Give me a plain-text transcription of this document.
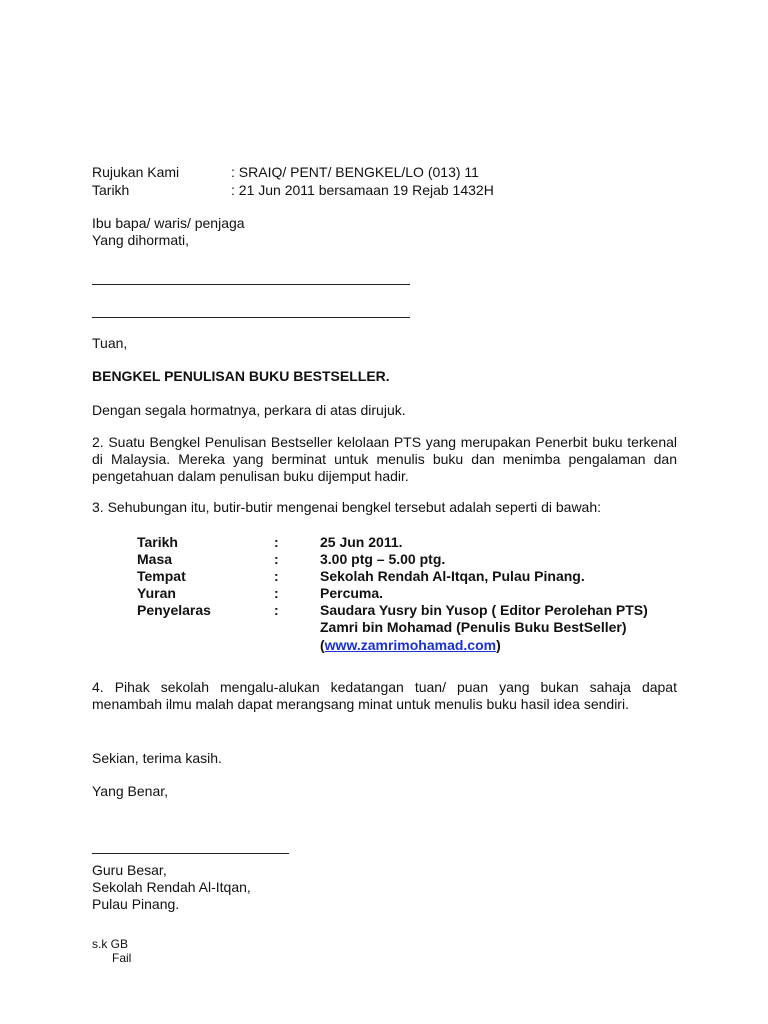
Rujukan Kami	: SRAIQ/ PENT/ BENGKEL/LO (013) 11
Tarikh	: 21 Jun 2011 bersamaan 19 Rejab 1432H
Ibu bapa/ waris/ penjaga
Yang dihormati,
Tuan,
BENGKEL PENULISAN BUKU BESTSELLER.
Dengan segala hormatnya, perkara di atas dirujuk.
2. Suatu Bengkel Penulisan Bestseller kelolaan PTS yang merupakan Penerbit buku terkenal di Malaysia. Mereka yang berminat untuk menulis buku dan menimba pengalaman dan pengetahuan dalam penulisan buku dijemput hadir.
3. Sehubungan itu, butir-butir mengenai bengkel tersebut adalah seperti di bawah:
Tarikh	:	25 Jun 2011.
Masa	:	3.00 ptg – 5.00 ptg.
Tempat	:	Sekolah Rendah Al-Itqan, Pulau Pinang.
Yuran	:	Percuma.
Penyelaras	:	Saudara Yusry bin Yusop ( Editor Perolehan PTS)
Zamri bin Mohamad (Penulis Buku BestSeller)
(www.zamrimohamad.com)
4. Pihak sekolah mengalu-alukan kedatangan tuan/ puan yang bukan sahaja dapat menambah ilmu malah dapat merangsang minat untuk menulis buku hasil idea sendiri.
Sekian, terima kasih.
Yang Benar,
Guru Besar,
Sekolah Rendah Al-Itqan,
Pulau Pinang.
s.k GB
Fail
